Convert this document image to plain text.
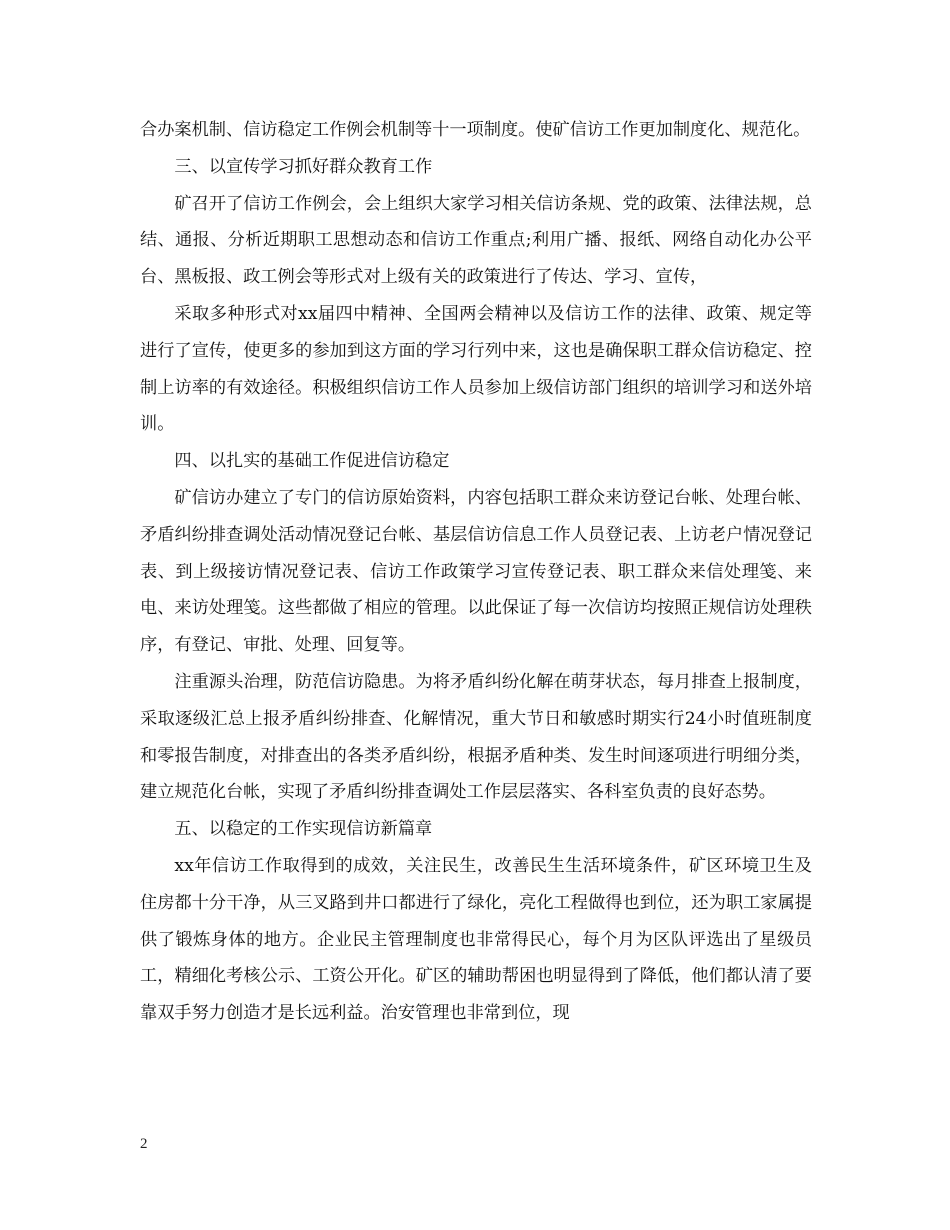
合办案机制、信访稳定工作例会机制等十一项制度。使矿信访工作更加制度化、规范化。

三、以宣传学习抓好群众教育工作

矿召开了信访工作例会，会上组织大家学习相关信访条规、党的政策、法律法规，总结、通报、分析近期职工思想动态和信访工作重点;利用广播、报纸、网络自动化办公平台、黑板报、政工例会等形式对上级有关的政策进行了传达、学习、宣传，

采取多种形式对xx届四中精神、全国两会精神以及信访工作的法律、政策、规定等进行了宣传，使更多的参加到这方面的学习行列中来，这也是确保职工群众信访稳定、控制上访率的有效途径。积极组织信访工作人员参加上级信访部门组织的培训学习和送外培训。

四、以扎实的基础工作促进信访稳定

矿信访办建立了专门的信访原始资料，内容包括职工群众来访登记台帐、处理台帐、矛盾纠纷排查调处活动情况登记台帐、基层信访信息工作人员登记表、上访老户情况登记表、到上级接访情况登记表、信访工作政策学习宣传登记表、职工群众来信处理笺、来电、来访处理笺。这些都做了相应的管理。以此保证了每一次信访均按照正规信访处理秩序，有登记、审批、处理、回复等。

注重源头治理，防范信访隐患。为将矛盾纠纷化解在萌芽状态，每月排查上报制度，采取逐级汇总上报矛盾纠纷排查、化解情况，重大节日和敏感时期实行24小时值班制度和零报告制度，对排查出的各类矛盾纠纷，根据矛盾种类、发生时间逐项进行明细分类，建立规范化台帐，实现了矛盾纠纷排查调处工作层层落实、各科室负责的良好态势。

五、以稳定的工作实现信访新篇章

xx年信访工作取得到的成效，关注民生，改善民生生活环境条件，矿区环境卫生及住房都十分干净，从三叉路到井口都进行了绿化，亮化工程做得也到位，还为职工家属提供了锻炼身体的地方。企业民主管理制度也非常得民心，每个月为区队评选出了星级员工，精细化考核公示、工资公开化。矿区的辅助帮困也明显得到了降低，他们都认清了要靠双手努力创造才是长远利益。治安管理也非常到位，现

2
